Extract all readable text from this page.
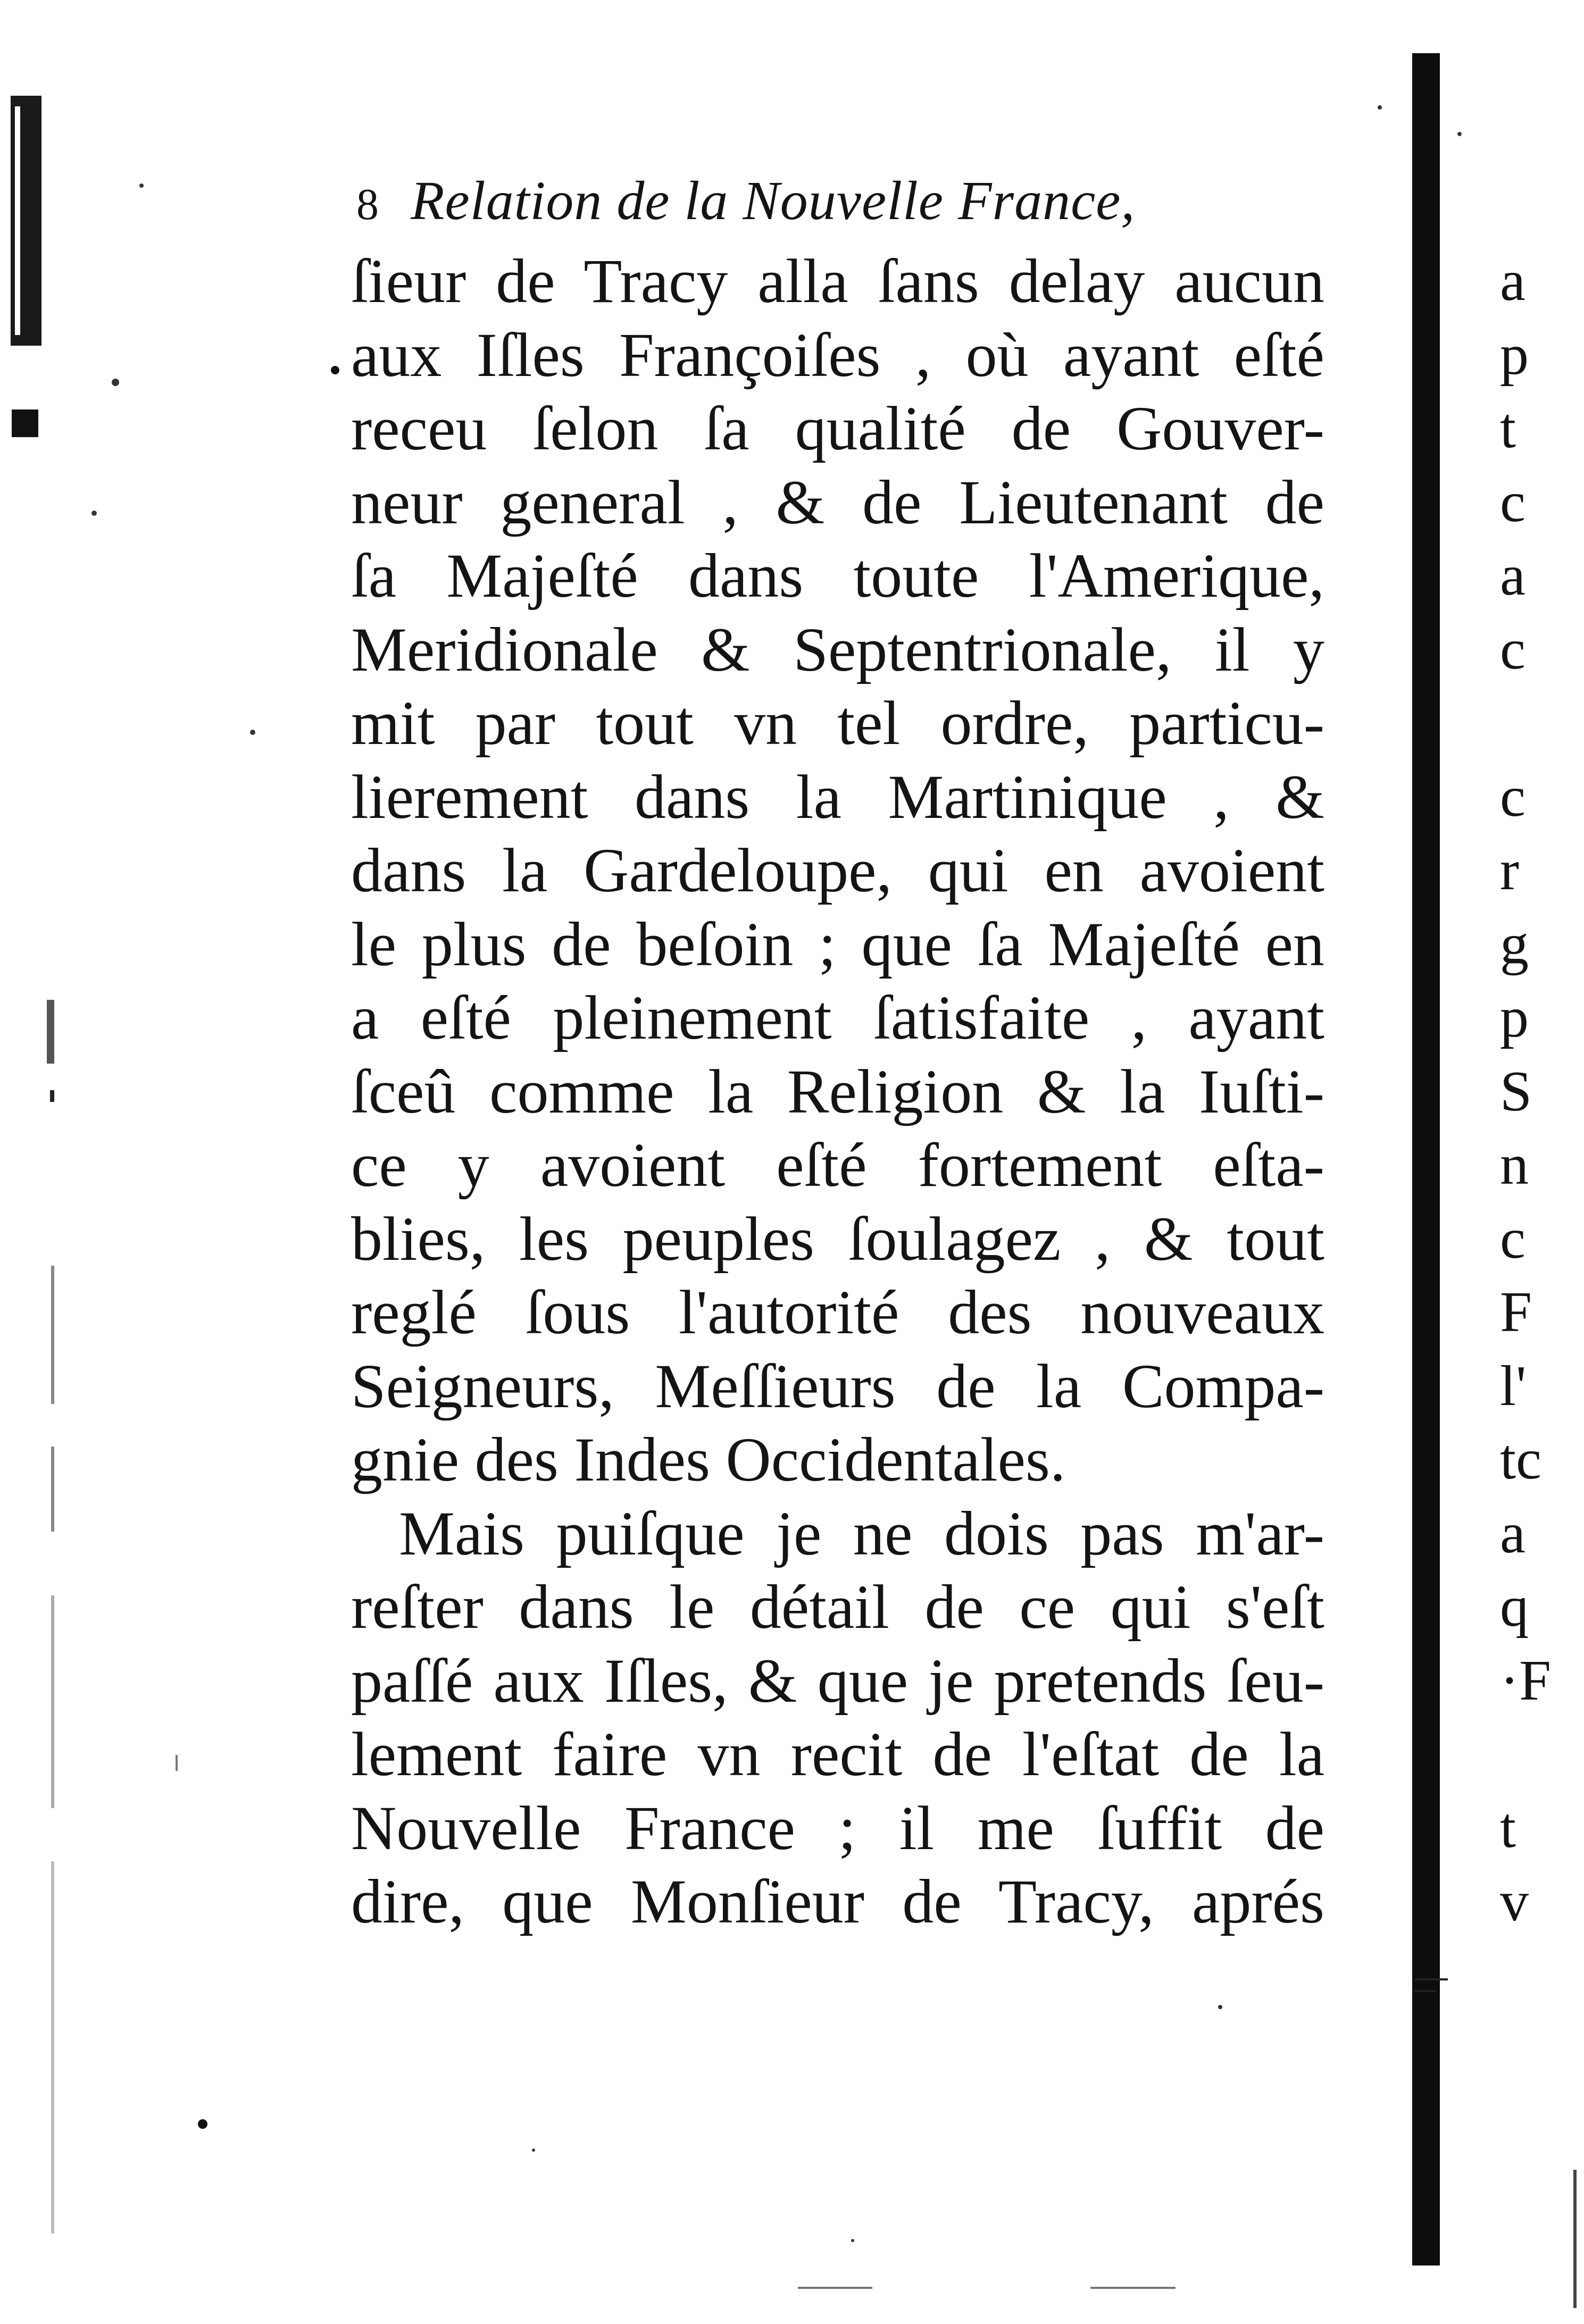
8 Relation de la Nouvelle France,
ſieur de Tracy alla ſans delay aucun
aux Iſles Françoiſes , où ayant eſté
receu ſelon ſa qualité de Gouver-
neur general , & de Lieutenant de
ſa Majeſté dans toute l'Amerique,
Meridionale & Septentrionale, il y
mit par tout vn tel ordre, particu-
lierement dans la Martinique , &
dans la Gardeloupe, qui en avoient
le plus de beſoin ; que ſa Majeſté en
a eſté pleinement ſatisfaite , ayant
ſceû comme la Religion & la Iuſti-
ce y avoient eſté fortement eſta-
blies, les peuples ſoulagez , & tout
reglé ſous l'autorité des nouveaux
Seigneurs, Meſſieurs de la Compa-
gnie des Indes Occidentales.
Mais puiſque je ne dois pas m'ar-
reſter dans le détail de ce qui s'eſt
paſſé aux Iſles, & que je pretends ſeu-
lement faire vn recit de l'eſtat de la
Nouvelle France ; il me ſuffit de
dire, que Monſieur de Tracy, aprés
a
p
t
c
a
c
c
r
g
p
S
n
c
F
l'
tc
a
q
·F
t
v
